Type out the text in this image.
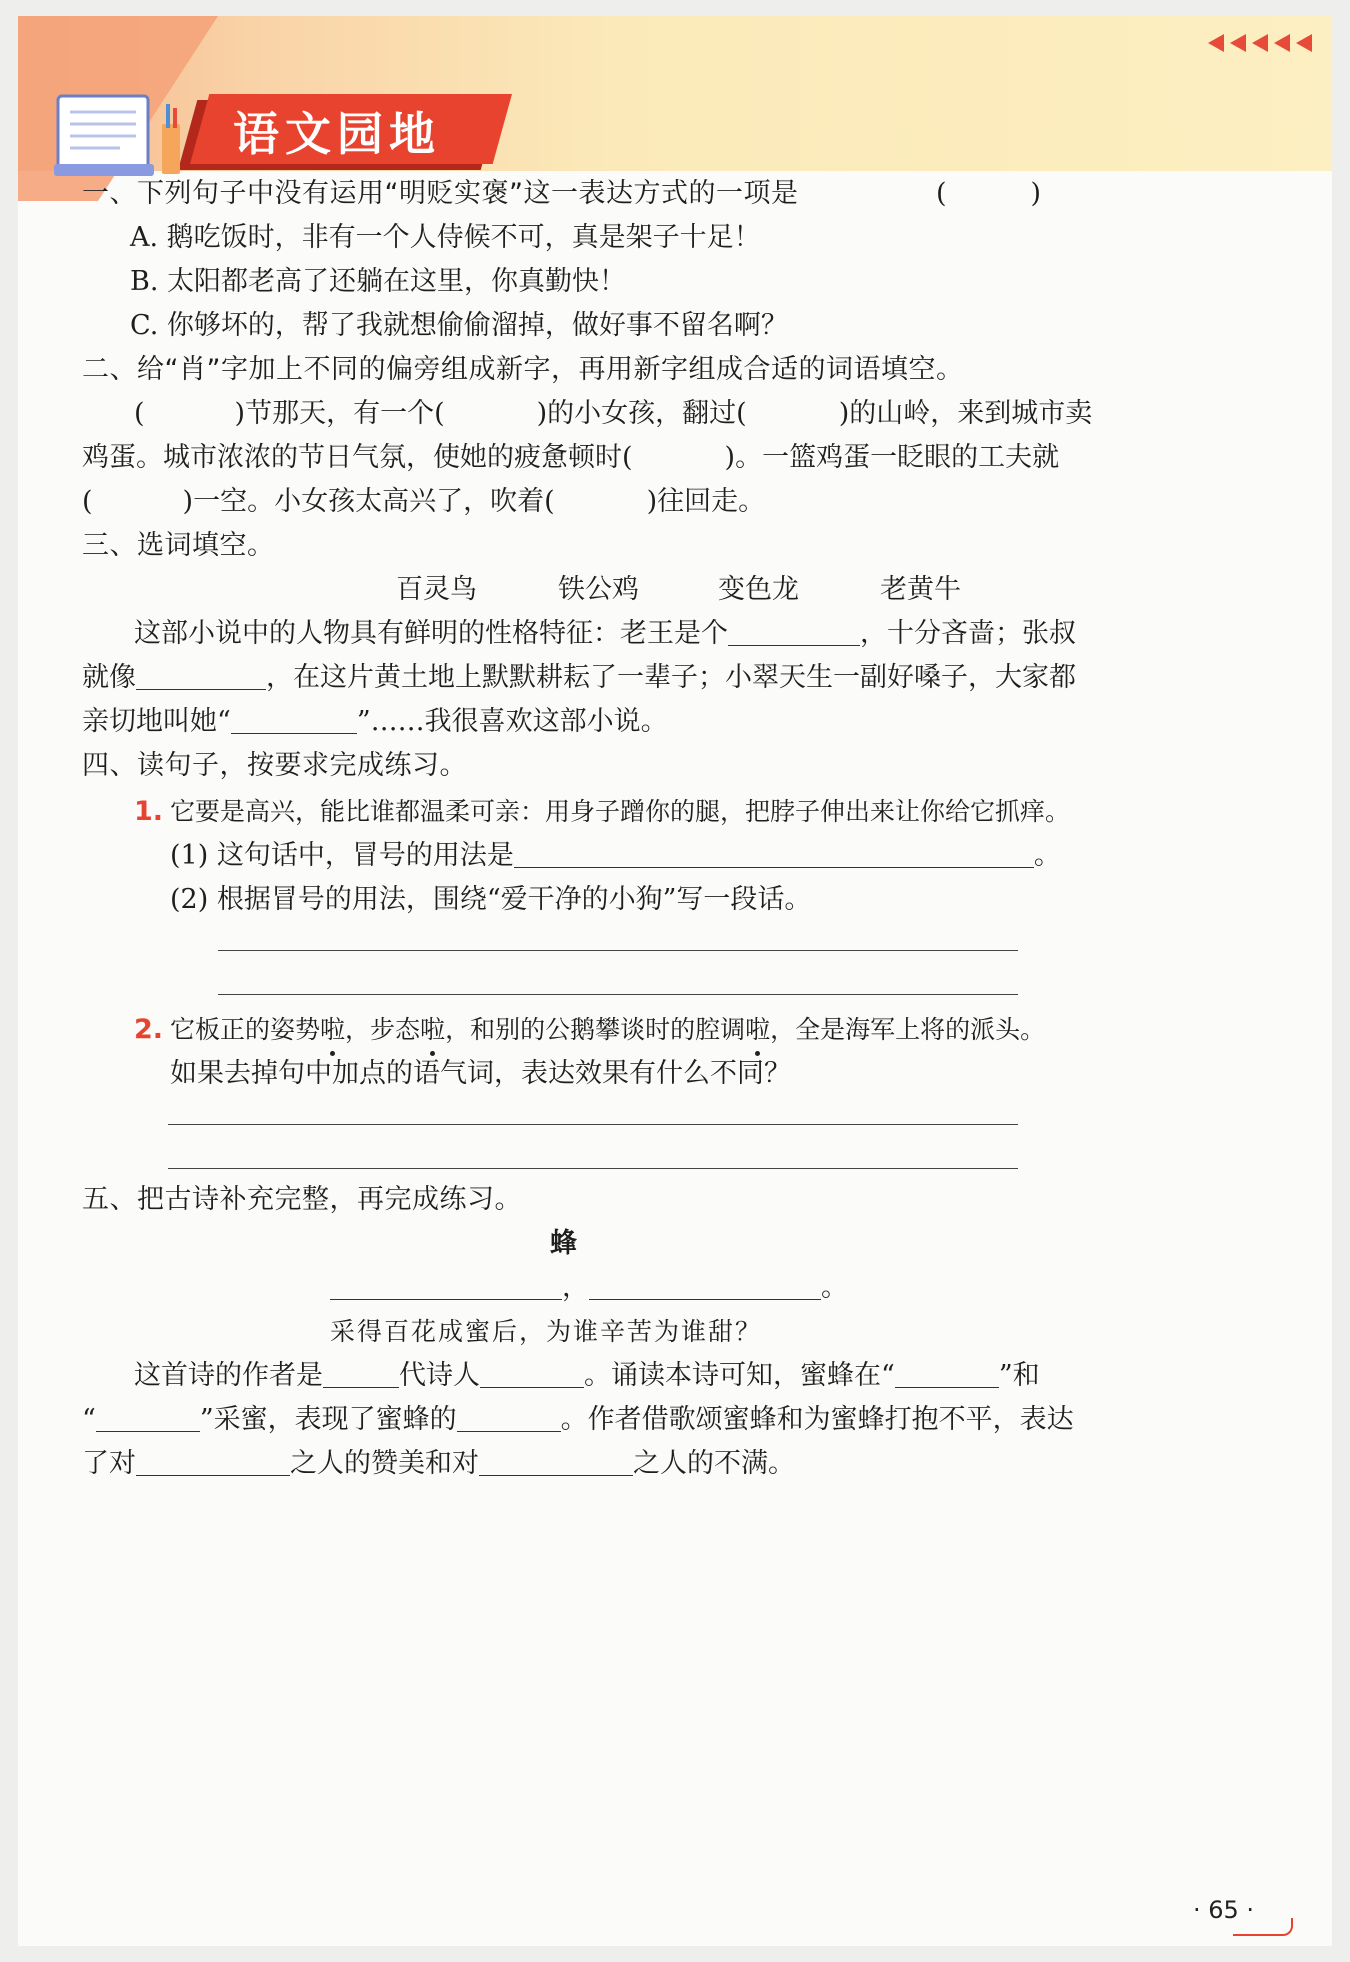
语文园地
一、下列句子中没有运用“明贬实褒”这一表达方式的一项是	(　　)
A. 鹅吃饭时，非有一个人侍候不可，真是架子十足！
B. 太阳都老高了还躺在这里，你真勤快！
C. 你够坏的，帮了我就想偷偷溜掉，做好事不留名啊？
二、给“肖”字加上不同的偏旁组成新字，再用新字组成合适的词语填空。
(	)节那天，有一个(	)的小女孩，翻过(	)的山岭，来到城市卖
鸡蛋。城市浓浓的节日气氛，使她的疲惫顿时(	)。一篮鸡蛋一眨眼的工夫就
(	)一空。小女孩太高兴了，吹着(	)往回走。
三、选词填空。
百灵鸟	铁公鸡	变色龙	老黄牛
这部小说中的人物具有鲜明的性格特征：老王是个	，十分吝啬；张叔
就像	，在这片黄土地上默默耕耘了一辈子；小翠天生一副好嗓子，大家都
亲切地叫她“	”……我很喜欢这部小说。
四、读句子，按要求完成练习。
1. 它要是高兴，能比谁都温柔可亲：用身子蹭你的腿，把脖子伸出来让你给它抓痒。
(1) 这句话中，冒号的用法是	。
(2) 根据冒号的用法，围绕“爱干净的小狗”写一段话。
2. 它板正的姿势啦，步态啦，和别的公鹅攀谈时的腔调啦，全是海军上将的派头。
如果去掉句中加点的语气词，表达效果有什么不同？
五、把古诗补充完整，再完成练习。
蜂
，	。
采得百花成蜜后，为谁辛苦为谁甜？
这首诗的作者是	代诗人	。诵读本诗可知，蜜蜂在“	”和
“	”采蜜，表现了蜜蜂的	。作者借歌颂蜜蜂和为蜜蜂打抱不平，表达
了对	之人的赞美和对	之人的不满。
· 65 ·
